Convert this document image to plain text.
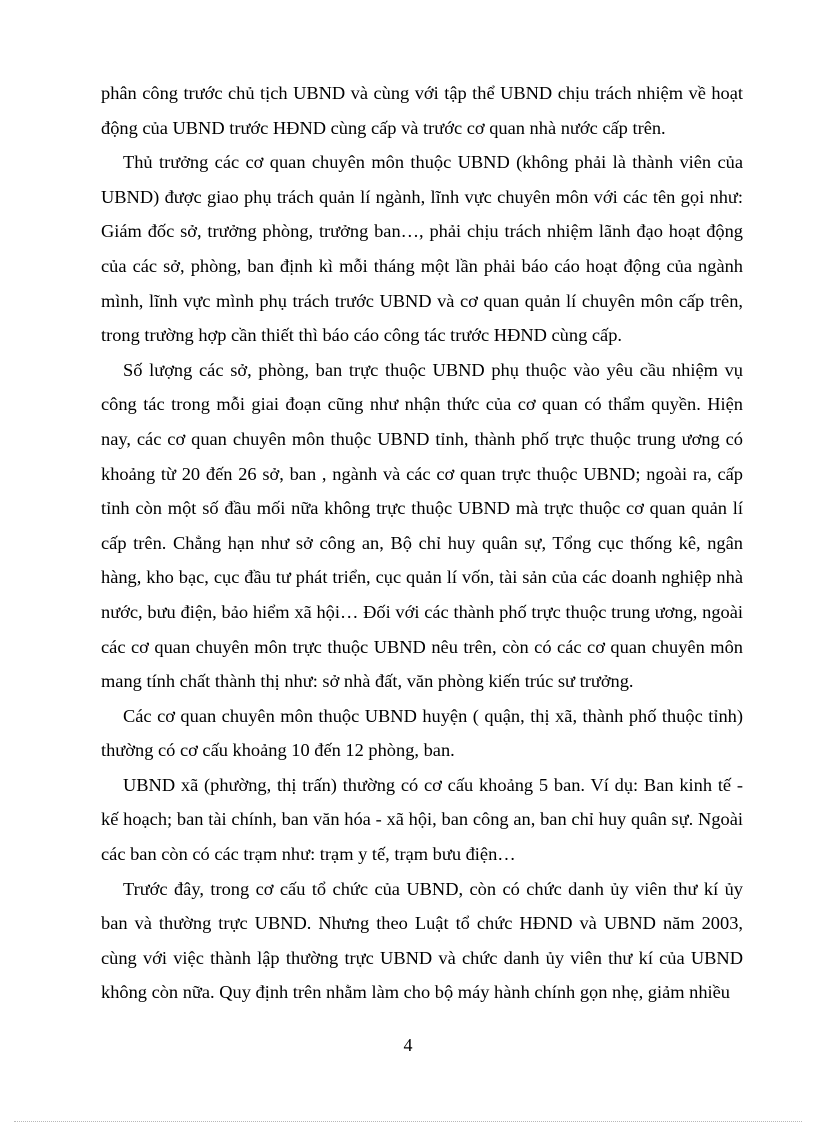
phân công trước chủ tịch UBND và cùng với tập thể UBND chịu trách nhiệm về hoạt động của UBND trước HĐND cùng cấp và trước cơ quan nhà nước cấp trên.

Thủ trưởng các cơ quan chuyên môn thuộc UBND (không phải là thành viên của UBND) được giao phụ trách quản lí ngành, lĩnh vực chuyên môn với các tên gọi như: Giám đốc sở, trưởng phòng, trưởng ban…, phải chịu trách nhiệm lãnh đạo hoạt động của các sở, phòng, ban định kì mỗi tháng một lần phải báo cáo hoạt động của ngành mình, lĩnh vực mình phụ trách trước UBND và cơ quan quản lí chuyên môn cấp trên, trong trường hợp cần thiết thì báo cáo công tác trước HĐND cùng cấp.

Số lượng các sở, phòng, ban trực thuộc UBND phụ thuộc vào yêu cầu nhiệm vụ công tác trong mỗi giai đoạn cũng như nhận thức của cơ quan có thẩm quyền. Hiện nay, các cơ quan chuyên môn thuộc UBND tỉnh, thành phố trực thuộc trung ương có khoảng từ 20 đến 26 sở, ban , ngành và các cơ quan trực thuộc UBND; ngoài ra, cấp tỉnh còn một số đầu mối nữa không trực thuộc UBND mà trực thuộc cơ quan quản lí cấp trên. Chẳng hạn như sở công an, Bộ chỉ huy quân sự, Tổng cục thống kê, ngân hàng, kho bạc, cục đầu tư phát triển, cục quản lí vốn, tài sản của các doanh nghiệp nhà nước, bưu điện, bảo hiểm xã hội… Đối với các thành phố trực thuộc trung ương, ngoài các cơ quan chuyên môn trực thuộc UBND nêu trên, còn có các cơ quan chuyên môn mang tính chất thành thị như: sở nhà đất, văn phòng kiến trúc sư trưởng.

Các cơ quan chuyên môn thuộc UBND huyện ( quận, thị xã, thành phố thuộc tỉnh) thường có cơ cấu khoảng 10 đến 12 phòng, ban.

UBND xã (phường, thị trấn) thường có cơ cấu khoảng 5 ban. Ví dụ: Ban kinh tế - kế hoạch; ban tài chính, ban văn hóa - xã hội, ban công an, ban chỉ huy quân sự. Ngoài các ban còn có các trạm như: trạm y tế, trạm bưu điện…

Trước đây, trong cơ cấu tổ chức của UBND, còn có chức danh ủy viên thư kí ủy ban và thường trực UBND. Nhưng theo Luật tổ chức HĐND và UBND năm 2003, cùng với việc thành lập thường trực UBND và chức danh ủy viên thư kí của UBND không còn nữa. Quy định trên nhằm làm cho bộ máy hành chính gọn nhẹ, giảm nhiều

4
